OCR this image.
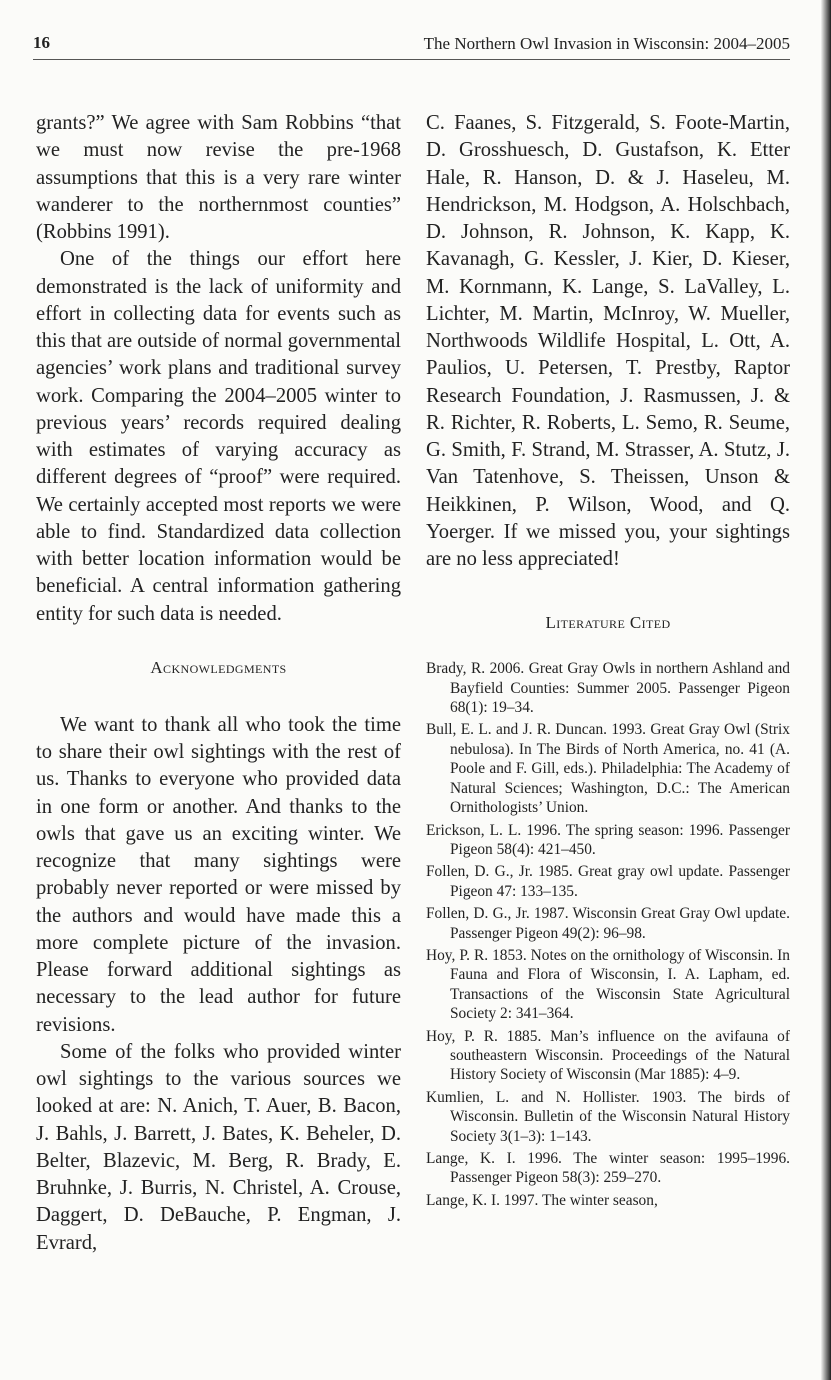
16	The Northern Owl Invasion in Wisconsin: 2004–2005

grants?” We agree with Sam Robbins “that we must now revise the pre-1968 assumptions that this is a very rare winter wanderer to the northernmost counties” (Robbins 1991).

One of the things our effort here demonstrated is the lack of uniformity and effort in collecting data for events such as this that are outside of normal governmental agencies’ work plans and traditional survey work. Comparing the 2004–2005 winter to previous years’ records required dealing with estimates of varying accuracy as different degrees of “proof” were required. We certainly accepted most reports we were able to find. Standardized data collection with better location information would be beneficial. A central information gathering entity for such data is needed.

Acknowledgments

We want to thank all who took the time to share their owl sightings with the rest of us. Thanks to everyone who provided data in one form or another. And thanks to the owls that gave us an exciting winter. We recognize that many sightings were probably never reported or were missed by the authors and would have made this a more complete picture of the invasion. Please forward additional sightings as necessary to the lead author for future revisions.

Some of the folks who provided winter owl sightings to the various sources we looked at are: N. Anich, T. Auer, B. Bacon, J. Bahls, J. Barrett, J. Bates, K. Beheler, D. Belter, Blazevic, M. Berg, R. Brady, E. Bruhnke, J. Burris, N. Christel, A. Crouse, Daggert, D. DeBauche, P. Engman, J. Evrard,

C. Faanes, S. Fitzgerald, S. Foote-Martin, D. Grosshuesch, D. Gustafson, K. Etter Hale, R. Hanson, D. & J. Haseleu, M. Hendrickson, M. Hodgson, A. Holschbach, D. Johnson, R. Johnson, K. Kapp, K. Kavanagh, G. Kessler, J. Kier, D. Kieser, M. Kornmann, K. Lange, S. LaValley, L. Lichter, M. Martin, McInroy, W. Mueller, Northwoods Wildlife Hospital, L. Ott, A. Paulios, U. Petersen, T. Prestby, Raptor Research Foundation, J. Rasmussen, J. & R. Richter, R. Roberts, L. Semo, R. Seume, G. Smith, F. Strand, M. Strasser, A. Stutz, J. Van Tatenhove, S. Theissen, Unson & Heikkinen, P. Wilson, Wood, and Q. Yoerger. If we missed you, your sightings are no less appreciated!

Literature Cited
Brady, R. 2006. Great Gray Owls in northern Ashland and Bayfield Counties: Summer 2005. Passenger Pigeon 68(1): 19–34.
Bull, E. L. and J. R. Duncan. 1993. Great Gray Owl (Strix nebulosa). In The Birds of North America, no. 41 (A. Poole and F. Gill, eds.). Philadelphia: The Academy of Natural Sciences; Washington, D.C.: The American Ornithologists’ Union.
Erickson, L. L. 1996. The spring season: 1996. Passenger Pigeon 58(4): 421–450.
Follen, D. G., Jr. 1985. Great gray owl update. Passenger Pigeon 47: 133–135.
Follen, D. G., Jr. 1987. Wisconsin Great Gray Owl update. Passenger Pigeon 49(2): 96–98.
Hoy, P. R. 1853. Notes on the ornithology of Wisconsin. In Fauna and Flora of Wisconsin, I. A. Lapham, ed. Transactions of the Wisconsin State Agricultural Society 2: 341–364.
Hoy, P. R. 1885. Man’s influence on the avifauna of southeastern Wisconsin. Proceedings of the Natural History Society of Wisconsin (Mar 1885): 4–9.
Kumlien, L. and N. Hollister. 1903. The birds of Wisconsin. Bulletin of the Wisconsin Natural History Society 3(1–3): 1–143.
Lange, K. I. 1996. The winter season: 1995–1996. Passenger Pigeon 58(3): 259–270.
Lange, K. I. 1997. The winter season,
